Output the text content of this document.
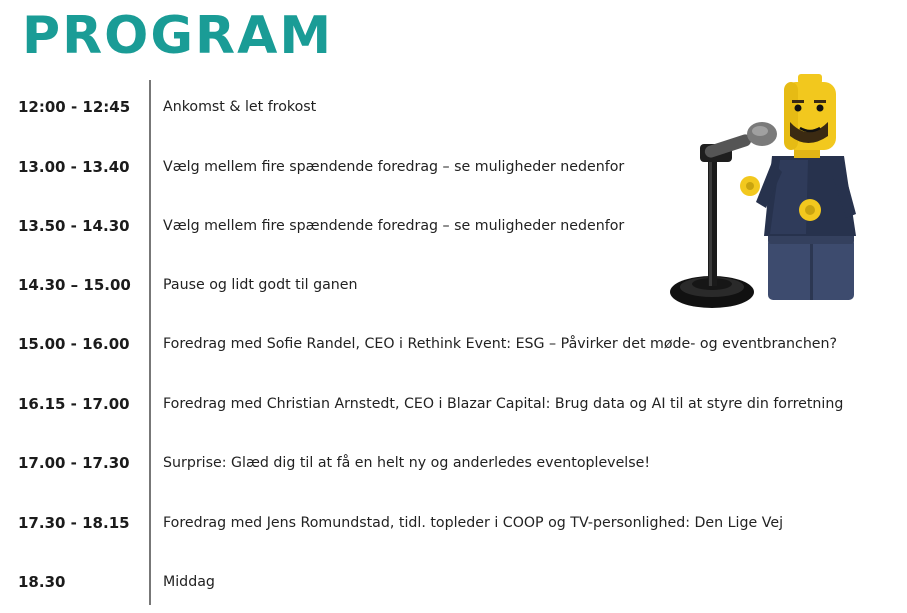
PROGRAM
12:00 - 12:45 Ankomst & let frokost
13.00 - 13.40 Vælg mellem fire spændende foredrag – se muligheder nedenfor
13.50 - 14.30 Vælg mellem fire spændende foredrag – se muligheder nedenfor
14.30 – 15.00 Pause og lidt godt til ganen
15.00 - 16.00 Foredrag med Sofie Randel, CEO i Rethink Event: ESG – Påvirker det møde- og eventbranchen?
16.15 - 17.00 Foredrag med Christian Arnstedt, CEO i Blazar Capital: Brug data og AI til at styre din forretning
17.00 - 17.30 Surprise: Glæd dig til at få en helt ny og anderledes eventoplevelse!
17.30 - 18.15 Foredrag med Jens Romundstad, tidl. topleder i COOP og TV-personlighed: Den Lige Vej
18.30	Middag
